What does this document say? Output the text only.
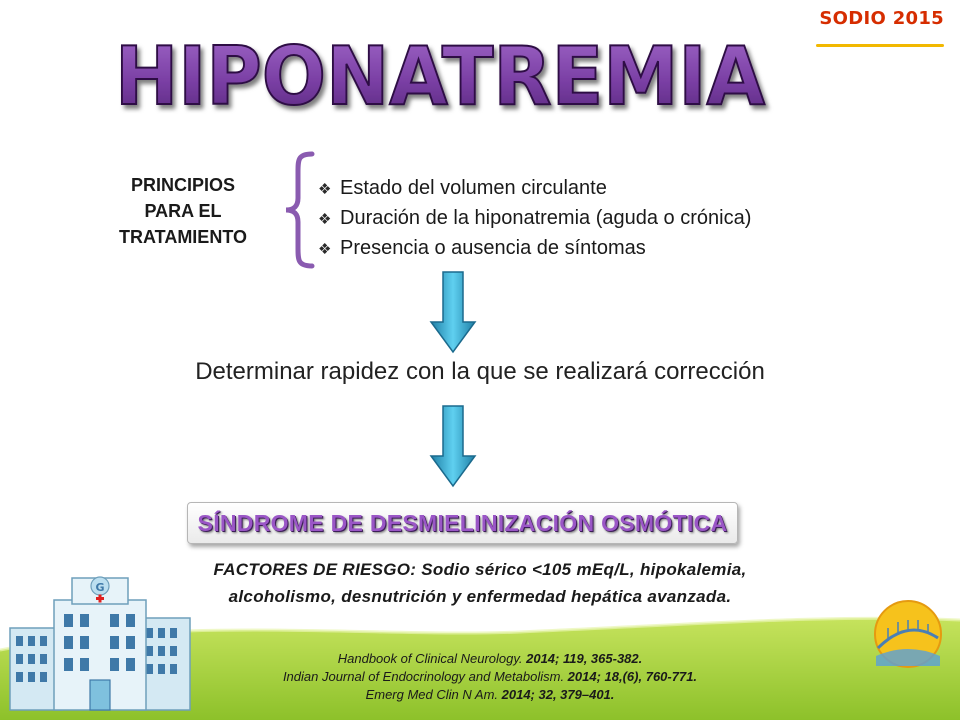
G
SODIO 2015
HIPONATREMIA
PRINCIPIOS
PARA EL
TRATAMIENTO
❖ Estado del volumen circulante
❖ Duración de la hiponatremia (aguda o crónica)
❖ Presencia o ausencia de síntomas
Determinar rapidez con la que se realizará corrección
SÍNDROME DE DESMIELINIZACIÓN OSMÓTICA
FACTORES DE RIESGO: Sodio sérico <105 mEq/L, hipokalemia,
alcoholismo, desnutrición y enfermedad hepática avanzada.
Handbook of Clinical Neurology. 2014; 119, 365-382.
Indian Journal of Endocrinology and Metabolism. 2014; 18,(6), 760-771.
Emerg Med Clin N Am. 2014; 32, 379–401.
